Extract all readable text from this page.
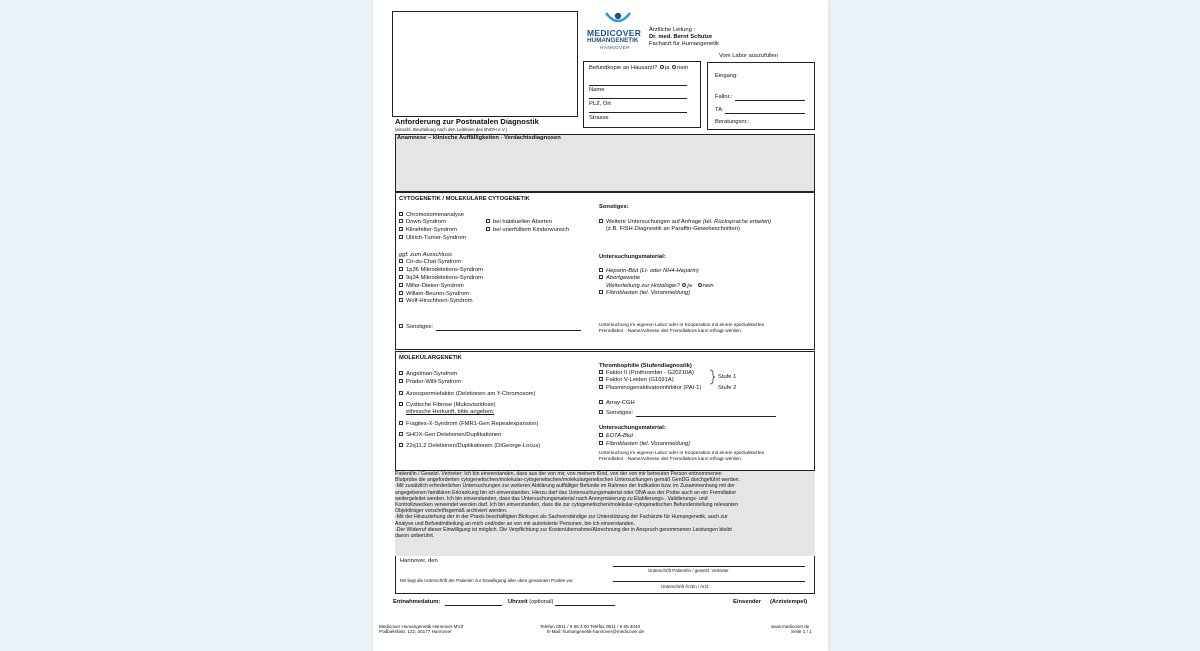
MEDICOVER
HUMANGENETIK
HANNOVER
Ärztliche Leitung :
Dr. med. Bernt Schulze
Facharzt für Humangenetik
Vom Labor auszufüllen
Befundkopie an Hausarzt? ja nein
Name
PLZ, Ort
Strasse
Eingang:
Fallnr.:
TA:
Beratungsnr.:
Anforderung zur Postnatalen Diagnostik
(einschl. Beurteilung nach den Leitlinien des BVDH e.V.)
Anamnese – klinische Auffälligkeiten - Verdachtsdiagnosen
CYTOGENETIK / MOLEKULARE CYTOGENETIK
Chromosomenanalyse
Down-Syndrom
Klinefelter-Syndrom
Ullrich-Turner-Syndrom
bei habituellen Aborten
bei unerfülltem Kinderwunsch
ggf. zum Ausschluss
Cri-du-Chat-Syndrom
1p36 Mikrodeletions-Syndrom
9q34 Mikrodeletions-Syndrom
Miller-Dieker-Syndrom
Willam-Beuren-Syndrom
Wolf-Hirschhorn-Syndrom
Sonstiges:
Sonstiges:
Weitere Untersuchungen auf Anfrage (tel. Rücksprache erbeten)
(z.B. FISH-Diagnostik an Paraffin-Gewebeschnitten)
Untersuchungsmaterial:
Heparin-Blut (Li- oder NH4-Heparin)
Abortgewebe
Weiterleitung zur Histologie? ja nein
Fibroblasten (tel. Voranmeldung)
Untersuchung im eigenen Labor oder in Kooperation mit einem spezialisierten
Fremdlabor - Name/Adresse des Fremdlabors kann erfragt werden.
MOLEKULARGENETIK
Angelman-Syndrom
Prader-Willi-Syndrom
Azoospermiefaktor (Deletionen am Y-Chromosom)
Cystische Fibrose (Mukoviszidose)
ethnische Herkunft, bitte angeben:
Fragiles-X-Syndrom (FMR1-Gen Repeatexpansion)
SHOX-Gen Deletionen/Duplikationen
22q11.2 Deletionen/Duplikationen (DiGeorge-Locus)
Thrombophilie (Stufendiagnostik)
Faktor II (Prothrombin - G20210A)
Faktor V-Leiden (G1691A)
Plasminogenaktivatorinhibitor (PAI-1)
Stufe 1
Stufe 2
Array-CGH
Sonstiges:
Untersuchungsmaterial:
EDTA-Blut
Fibroblasten (tel. Voranmeldung)
Untersuchung im eigenen Labor oder in Kooperation mit einem spezialisierten
Fremdlabor - Name/Adresse des Fremdlabors kann erfragt werden.

Patient/in / Gesetzl. Vertreter: Ich bin einverstanden, dass aus der von mir, von meinem Kind, von der von mir betreuten Person entnommenen

Blutprobe die angeforderten cytogenetischen/molekular-cytogenetischen/molekulargenetischen Untersuchungen gemäß GenDG durchgeführt werden.

-Mit zusätzlich erforderlichen Untersuchungen zur weiteren Abklärung auffälliger Befunde im Rahmen der Indikation bzw. im Zusammenhang mit der

angegebenen familiären Erkrankung bin ich einverstanden. Hierzu darf das Untersuchungsmaterial oder DNA aus der Probe auch an ein Fremdlabor

weitergeleitet werden. Ich bin einverstanden, dass das Untersuchungsmaterial nach Anonymisierung zu Etablierungs-, Validierungs- und

Kontrollzwecken verwendet werden darf. Ich bin einverstanden, dass die zur cytogenetischen/molekular-cytogenetischen Befunderstellung relevanten

Objektträger vorschriftsgemäß archiviert werden.

-Mit der Hinzuziehung der in der Praxis beschäftigten Biologen als Sachverständige zur Unterstützung der Fachärzte für Humangenetik, auch zur

Analyse und Befundmitteilung an mich und/oder an von mir autorisierte Personen, bin ich einverstanden.

-Der Widerruf dieser Einwilligung ist möglich. Die Verpflichtung zur Kostenübernahme/Abrechnung der in Anspruch genommenen Leistungen bleibt

davon unberührt.

Hannover, den
Unterschrift Patient/in / gesetzl. Vertreter
Mir liegt die Unterschrift der Patientin zur Einwilligung aller oben genannten Punkte vor.
Unterschrift Ärztin / Arzt
Entnahmedatum:	Uhrzeit (optional)	Einsender (Arztstempel)
Medicover Humangenetik Hannover MVZ
Podbielskistr. 122, 30177 Hannover
Telefon 0511 / 9 65 4 00 Telefax 0511 / 9 65 4040
E-Mail: humangenetik-hannover@medicover.de
www.medicover.de
Seite 1 / 1
